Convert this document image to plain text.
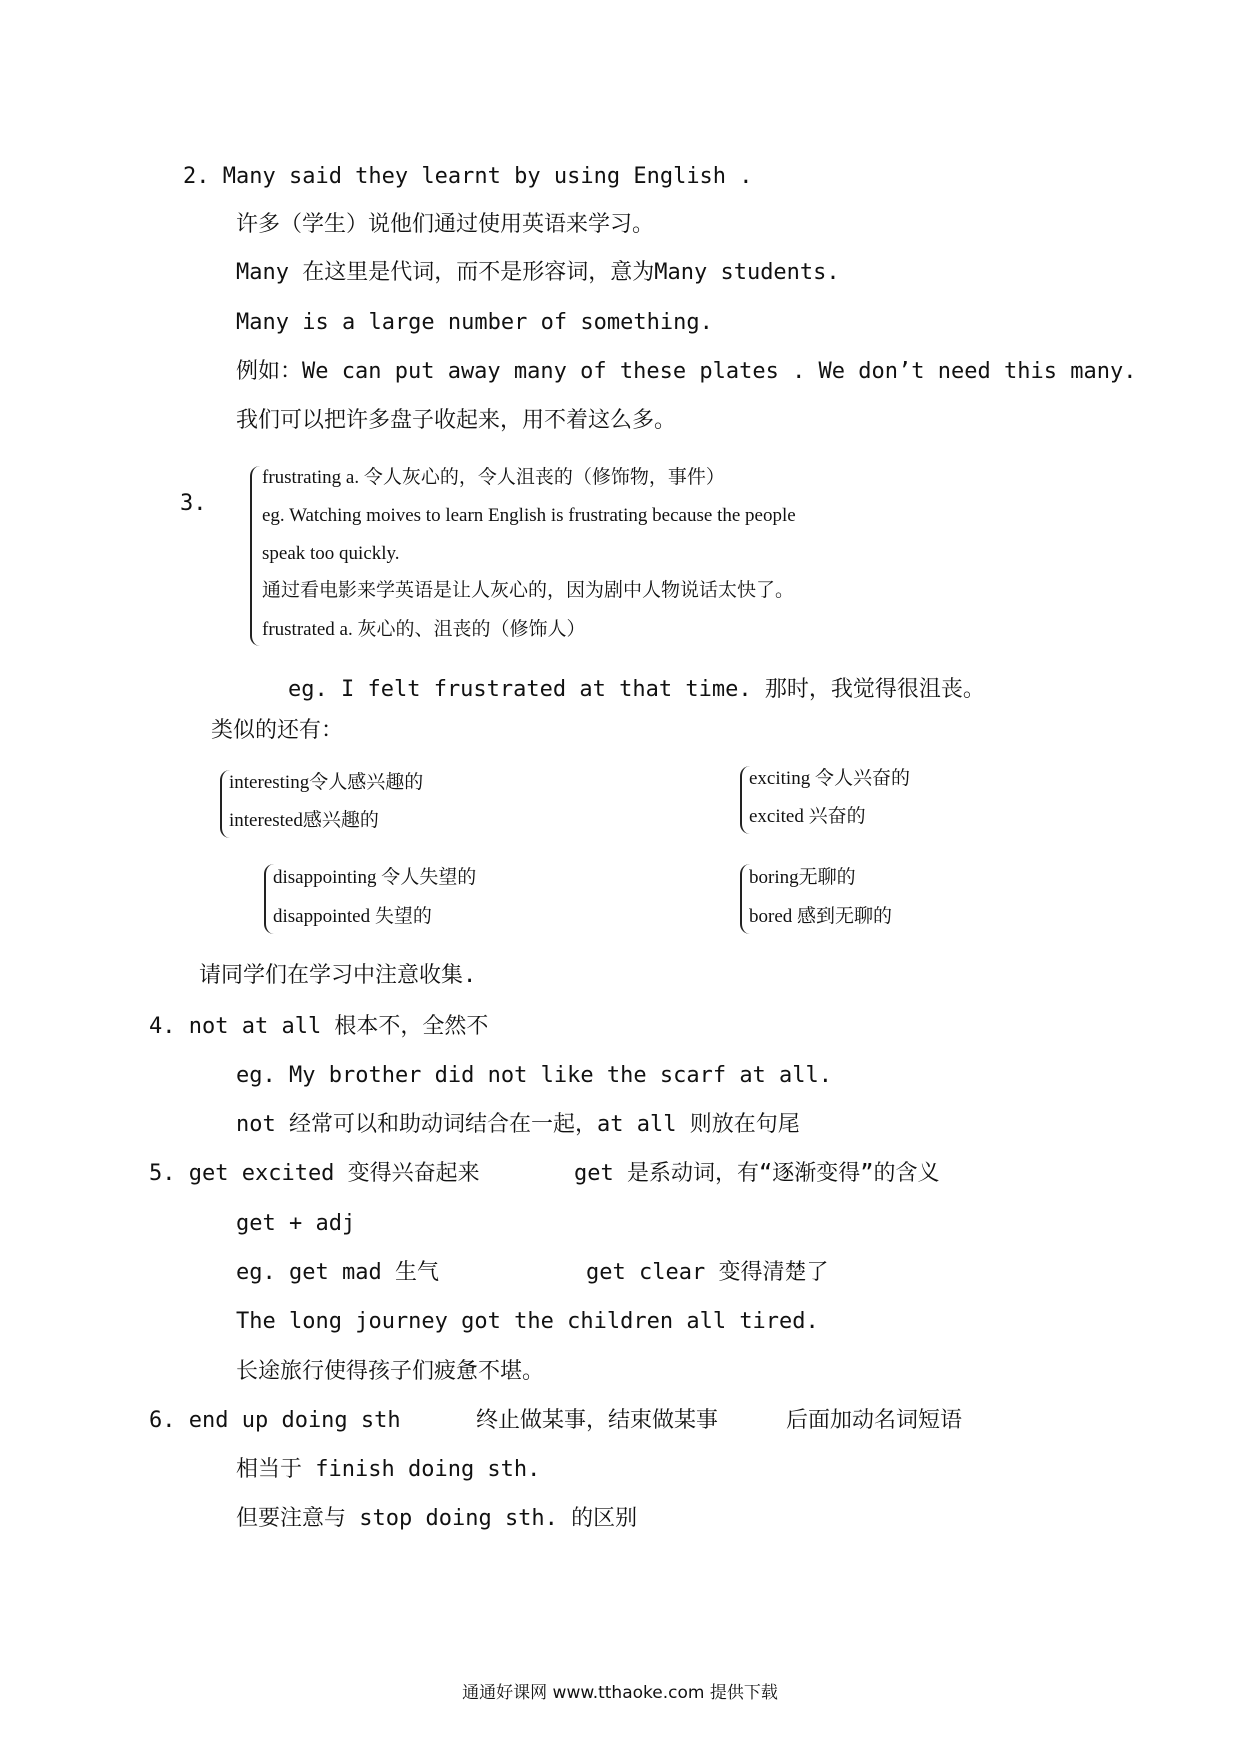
2. Many said they learnt by using English .
许多（学生）说他们通过使用英语来学习。
Many 在这里是代词，而不是形容词，意为Many students.
Many is a large number of something.
例如：We can put away many of these plates . We don’t need this many.
我们可以把许多盘子收起来，用不着这么多。
3.
frustrating a. 令人灰心的，令人沮丧的（修饰物，事件）
eg. Watching moives to learn English is frustrating because the people
speak too quickly.
通过看电影来学英语是让人灰心的，因为剧中人物说话太快了。
frustrated a. 灰心的、沮丧的（修饰人）
eg. I felt frustrated at that time. 那时，我觉得很沮丧。
类似的还有：
interesting令人感兴趣的
interested感兴趣的
exciting 令人兴奋的
excited 兴奋的
disappointing 令人失望的
disappointed 失望的
boring无聊的
bored 感到无聊的
请同学们在学习中注意收集.
4. not at all 根本不，全然不
eg. My brother did not like the scarf at all.
not 经常可以和助动词结合在一起，at all 则放在句尾
5. get excited 变得兴奋起来	get 是系动词，有“逐渐变得”的含义
get + adj
eg. get mad 生气	get clear 变得清楚了
The long journey got the children all tired.
长途旅行使得孩子们疲惫不堪。
6. end up doing sth	终止做某事，结束做某事	后面加动名词短语
相当于 finish doing sth.
但要注意与 stop doing sth. 的区别
通通好课网 www.tthaoke.com 提供下载
